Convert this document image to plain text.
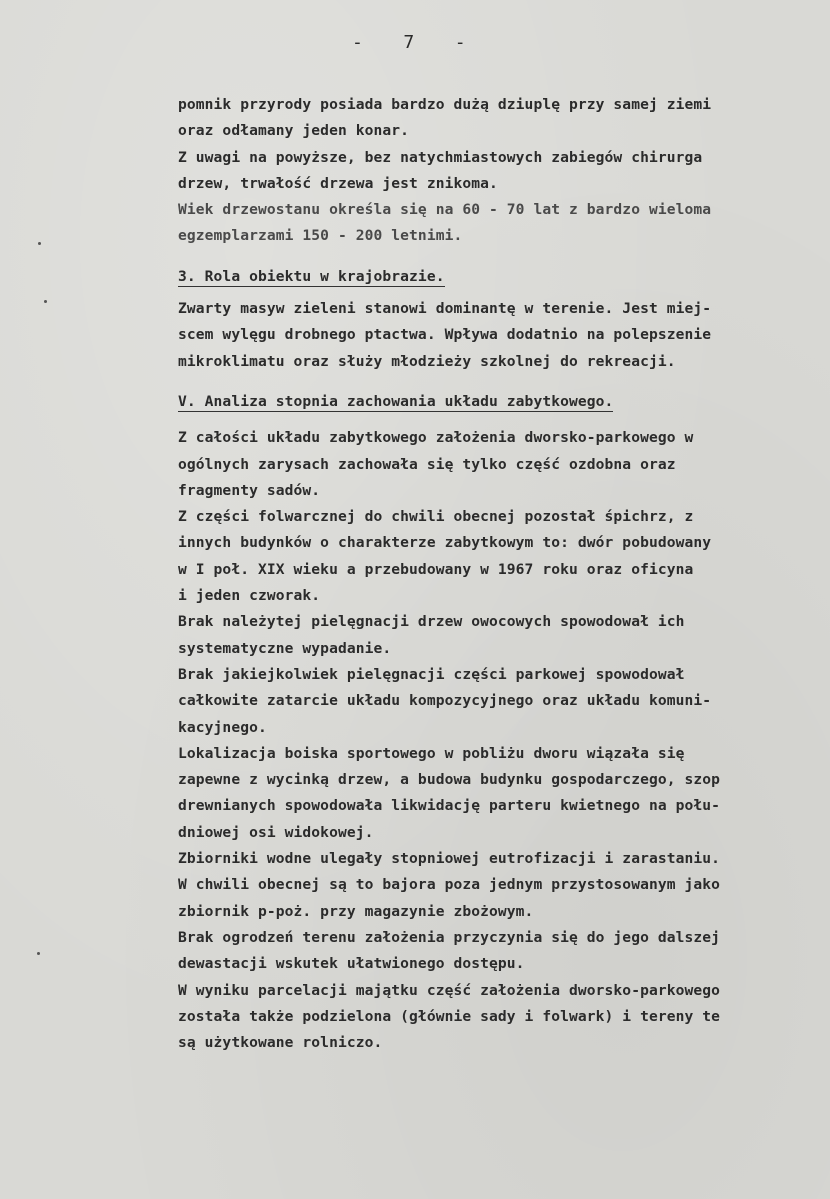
-   7   -
pomnik przyrody posiada bardzo dużą dziuplę przy samej ziemi
oraz odłamany jeden konar.
Z uwagi na powyższe, bez natychmiastowych zabiegów chirurga
drzew, trwałość drzewa jest znikoma.
Wiek drzewostanu określa się na 60 - 70 lat z bardzo wieloma
egzemplarzami 150 - 200 letnimi.
3. Rola obiektu w krajobrazie.
Zwarty masyw zieleni stanowi dominantę w terenie. Jest miej-
scem wylęgu drobnego ptactwa. Wpływa dodatnio na polepszenie
mikroklimatu oraz służy młodzieży szkolnej do rekreacji.
V. Analiza stopnia zachowania układu zabytkowego.
Z całości układu zabytkowego założenia dworsko-parkowego w
ogólnych zarysach zachowała się tylko część ozdobna oraz
fragmenty sadów.
Z części folwarcznej do chwili obecnej pozostał śpichrz, z
innych budynków o charakterze zabytkowym to: dwór pobudowany
w I poł. XIX wieku a przebudowany w 1967 roku oraz oficyna
i jeden czworak.
Brak należytej pielęgnacji drzew owocowych spowodował ich
systematyczne wypadanie.
Brak jakiejkolwiek pielęgnacji części parkowej spowodował
całkowite zatarcie układu kompozycyjnego oraz układu komuni-
kacyjnego.
Lokalizacja boiska sportowego w pobliżu dworu wiązała się
zapewne z wycinką drzew, a budowa budynku gospodarczego, szop
drewnianych spowodowała likwidację parteru kwietnego na połu-
dniowej osi widokowej.
Zbiorniki wodne ulegały stopniowej eutrofizacji i zarastaniu.
W chwili obecnej są to bajora poza jednym przystosowanym jako
zbiornik p-poż. przy magazynie zbożowym.
Brak ogrodzeń terenu założenia przyczynia się do jego dalszej
dewastacji wskutek ułatwionego dostępu.
W wyniku parcelacji majątku część założenia dworsko-parkowego
została także podzielona (głównie sady i folwark) i tereny te
są użytkowane rolniczo.
